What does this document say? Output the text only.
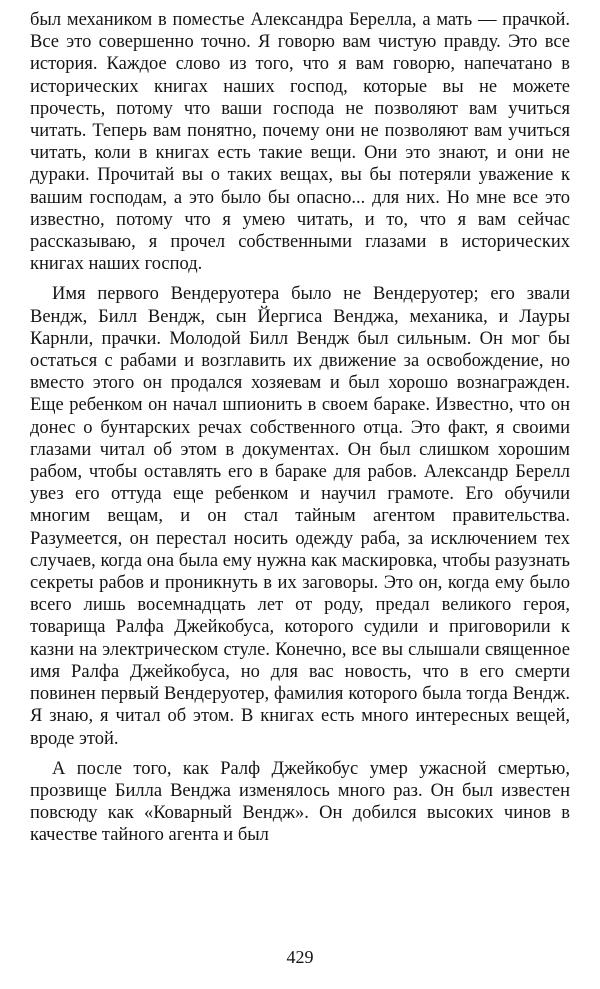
был механиком в поместье Александра Берелла, а мать — прачкой. Все это совершенно точно. Я говорю вам чистую правду. Это все история. Каждое слово из того, что я вам говорю, напечатано в исторических книгах наших господ, которые вы не можете прочесть, потому что ваши господа не позволяют вам учиться читать. Теперь вам понятно, почему они не позволяют вам учиться читать, коли в книгах есть такие вещи. Они это знают, и они не дураки. Прочитай вы о таких вещах, вы бы потеряли уважение к вашим господам, а это было бы опасно... для них. Но мне все это известно, потому что я умею читать, и то, что я вам сейчас рассказываю, я прочел собственными глазами в исторических книгах наших господ.

Имя первого Вендеруотера было не Вендеруотер; его звали Вендж, Билл Вендж, сын Йергиса Венджа, механика, и Лауры Карнли, прачки. Молодой Билл Вендж был сильным. Он мог бы остаться с рабами и возглавить их движение за освобождение, но вместо этого он продался хозяевам и был хорошо вознагражден. Еще ребенком он начал шпионить в своем бараке. Известно, что он донес о бунтарских речах собственного отца. Это факт, я своими глазами читал об этом в документах. Он был слишком хорошим рабом, чтобы оставлять его в бараке для рабов. Александр Берелл увез его оттуда еще ребенком и научил грамоте. Его обучили многим вещам, и он стал тайным агентом правительства. Разумеется, он перестал носить одежду раба, за исключением тех случаев, когда она была ему нужна как маскировка, чтобы разузнать секреты рабов и проникнуть в их заговоры. Это он, когда ему было всего лишь восемнадцать лет от роду, предал великого героя, товарища Ралфа Джейкобуса, которого судили и приговорили к казни на электрическом стуле. Конечно, все вы слышали священное имя Ралфа Джейкобуса, но для вас новость, что в его смерти повинен первый Вендеруотер, фамилия которого была тогда Вендж. Я знаю, я читал об этом. В книгах есть много интересных вещей, вроде этой.

А после того, как Ралф Джейкобус умер ужасной смертью, прозвище Билла Венджа изменялось много раз. Он был известен повсюду как «Коварный Вендж». Он добился высоких чинов в качестве тайного агента и был

429
